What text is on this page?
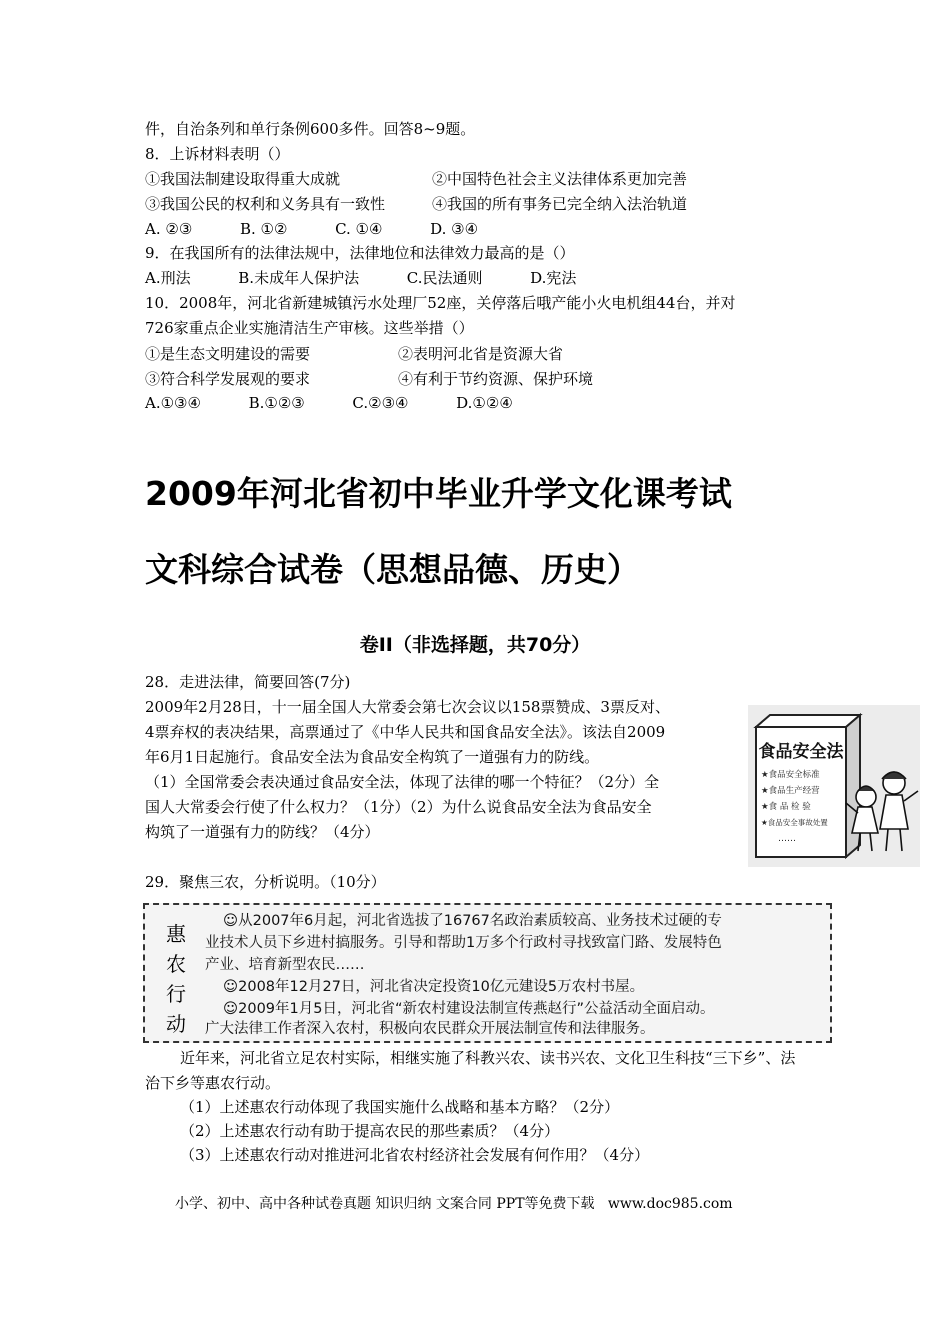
件，自治条列和单行条例600多件。回答8~9题。
8．上诉材料表明（）
①我国法制建设取得重大成就	②中国特色社会主义法律体系更加完善
③我国公民的权利和义务具有一致性	④我国的所有事务已完全纳入法治轨道
A. ②③          B. ①②          C. ①④          D. ③④
9．在我国所有的法律法规中，法律地位和法律效力最高的是（）
A.刑法          B.未成年人保护法          C.民法通则          D.宪法
10．2008年，河北省新建城镇污水处理厂52座，关停落后哦产能小火电机组44台，并对
726家重点企业实施清洁生产审核。这些举措（）
①是生态文明建设的需要	②表明河北省是资源大省
③符合科学发展观的要求	④有利于节约资源、保护环境
A.①③④          B.①②③          C.②③④          D.①②④
2009年河北省初中毕业升学文化课考试
文科综合试卷（思想品德、历史）
卷II（非选择题，共70分）
28．走进法律，简要回答(7分)
2009年2月28日，十一届全国人大常委会第七次会议以158票赞成、3票反对、
4票弃权的表决结果，高票通过了《中华人民共和国食品安全法》。该法自2009
年6月1日起施行。食品安全法为食品安全构筑了一道强有力的防线。
（1）全国常委会表决通过食品安全法，体现了法律的哪一个特征？（2分）全
国人大常委会行使了什么权力？（1分）（2）为什么说食品安全法为食品安全
构筑了一道强有力的防线？（4分）
食品安全法
★食品安全标准
★食品生产经营
★食 品 检 验
★食品安全事故处置
……
29．聚焦三农，分析说明。（10分）
惠
农
行
动
☺从2007年6月起，河北省选拔了16767名政治素质较高、业务技术过硬的专
业技术人员下乡进村搞服务。引导和帮助1万多个行政村寻找致富门路、发展特色
产业、培育新型农民……
☺2008年12月27日，河北省决定投资10亿元建设5万农村书屋。
☺2009年1月5日，河北省“新农村建设法制宣传燕赵行”公益活动全面启动。
广大法律工作者深入农村，积极向农民群众开展法制宣传和法律服务。
近年来，河北省立足农村实际，相继实施了科教兴农、读书兴农、文化卫生科技“三下乡”、法治下乡等惠农行动。
（1）上述惠农行动体现了我国实施什么战略和基本方略？（2分）
（2）上述惠农行动有助于提高农民的那些素质？（4分）
（3）上述惠农行动对推进河北省农村经济社会发展有何作用？（4分）
小学、初中、高中各种试卷真题 知识归纳 文案合同 PPT等免费下载   www.doc985.com
